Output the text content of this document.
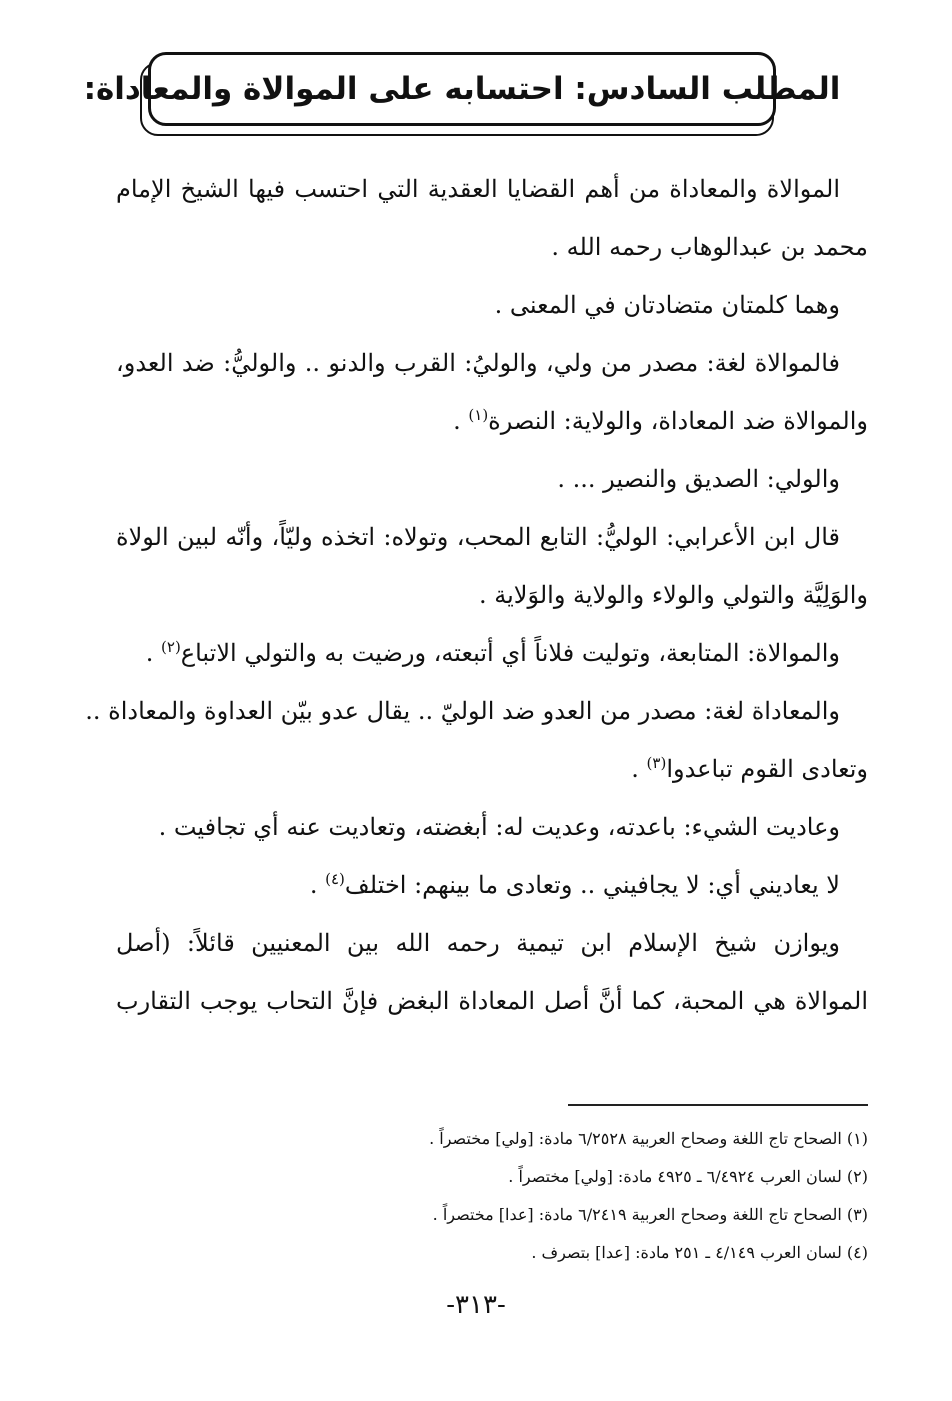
المطلب السادس: احتسابه على الموالاة والمعاداة:
الموالاة والمعاداة من أهم القضايا العقدية التي احتسب فيها الشيخ الإمام
محمد بن عبدالوهاب رحمه الله .
وهما كلمتان متضادتان في المعنى .
فالموالاة لغة: مصدر من ولي، والوليُ: القرب والدنو .. والوليُّ: ضد العدو،
والموالاة ضد المعاداة، والولاية: النصرة$^{(١)}$ .
والولي: الصديق والنصير ... .
قال ابن الأعرابي: الوليُّ: التابع المحب، وتولاه: اتخذه وليّاً، وأنّه لبين الولاة
والوَلِيَّة والتولي والولاء والولاية والوَلاية .
والموالاة: المتابعة، وتوليت فلاناً أي أتبعته، ورضيت به والتولي الاتباع$^{(٢)}$ .
والمعاداة لغة: مصدر من العدو ضد الوليّ .. يقال عدو بيّن العداوة والمعاداة ..
وتعادى القوم تباعدوا$^{(٣)}$ .
وعاديت الشيء: باعدته، وعديت له: أبغضته، وتعاديت عنه أي تجافيت .
لا يعاديني أي: لا يجافيني .. وتعادى ما بينهم: اختلف$^{(٤)}$ .
ويوازن شيخ الإسلام ابن تيمية رحمه الله بين المعنيين قائلاً: (أصل
الموالاة هي المحبة، كما أنَّ أصل المعاداة البغض فإنَّ التحاب يوجب التقارب
(١) الصحاح تاج اللغة وصحاح العربية ٦/٢٥٢٨ مادة: [ولي] مختصراً .
(٢) لسان العرب ٦/٤٩٢٤ ـ ٤٩٢٥ مادة: [ولي] مختصراً .
(٣) الصحاح تاج اللغة وصحاح العربية ٦/٢٤١٩ مادة: [عدا] مختصراً .
(٤) لسان العرب ٤/١٤٩ ـ ٢٥١ مادة: [عدا] بتصرف .
-٣١٣-
